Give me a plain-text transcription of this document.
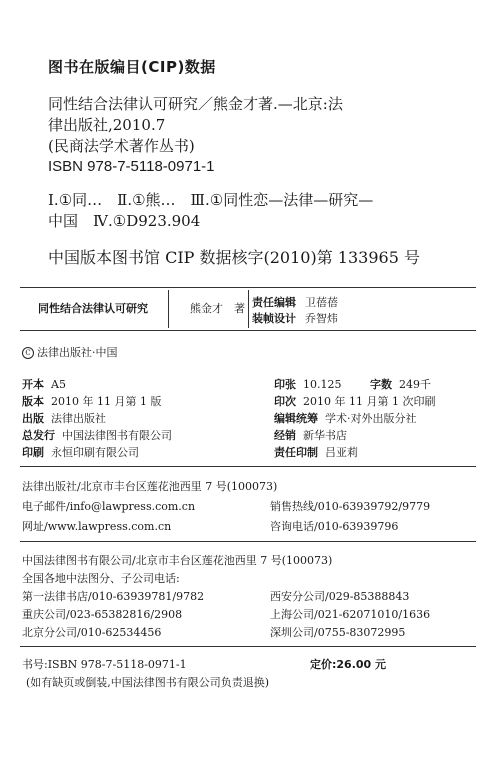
图书在版编目(CIP)数据
同性结合法律认可研究／熊金才著.—北京:法
律出版社,2010.7
(民商法学术著作丛书)
ISBN 978-7-5118-0971-1
Ⅰ.①同…　Ⅱ.①熊…　Ⅲ.①同性恋—法律—研究—
中国　Ⅳ.①D923.904
中国版本图书馆 CIP 数据核字(2010)第 133965 号
同性结合法律认可研究	熊金才　著 责任编辑 卫蓓蓓
装帧设计 乔智炜
C 法律出版社·中国
开本 A5	印张 10.125	字数 249千
版本 2010 年 11 月第 1 版	印次 2010 年 11 月第 1 次印刷
出版 法律出版社	编辑统筹 学术·对外出版分社
总发行 中国法律图书有限公司	经销 新华书店
印刷 永恒印刷有限公司	责任印制 吕亚莉
法律出版社/北京市丰台区莲花池西里 7 号(100073)
电子邮件/info@lawpress.com.cn	销售热线/010-63939792/9779
网址/www.lawpress.com.cn	咨询电话/010-63939796
中国法律图书有限公司/北京市丰台区莲花池西里 7 号(100073)
全国各地中法图分、子公司电话:
第一法律书店/010-63939781/9782	西安分公司/029-85388843
重庆公司/023-65382816/2908	上海公司/021-62071010/1636
北京分公司/010-62534456	深圳公司/0755-83072995
书号:ISBN 978-7-5118-0971-1	定价:26.00 元
(如有缺页或倒装,中国法律图书有限公司负责退换)
